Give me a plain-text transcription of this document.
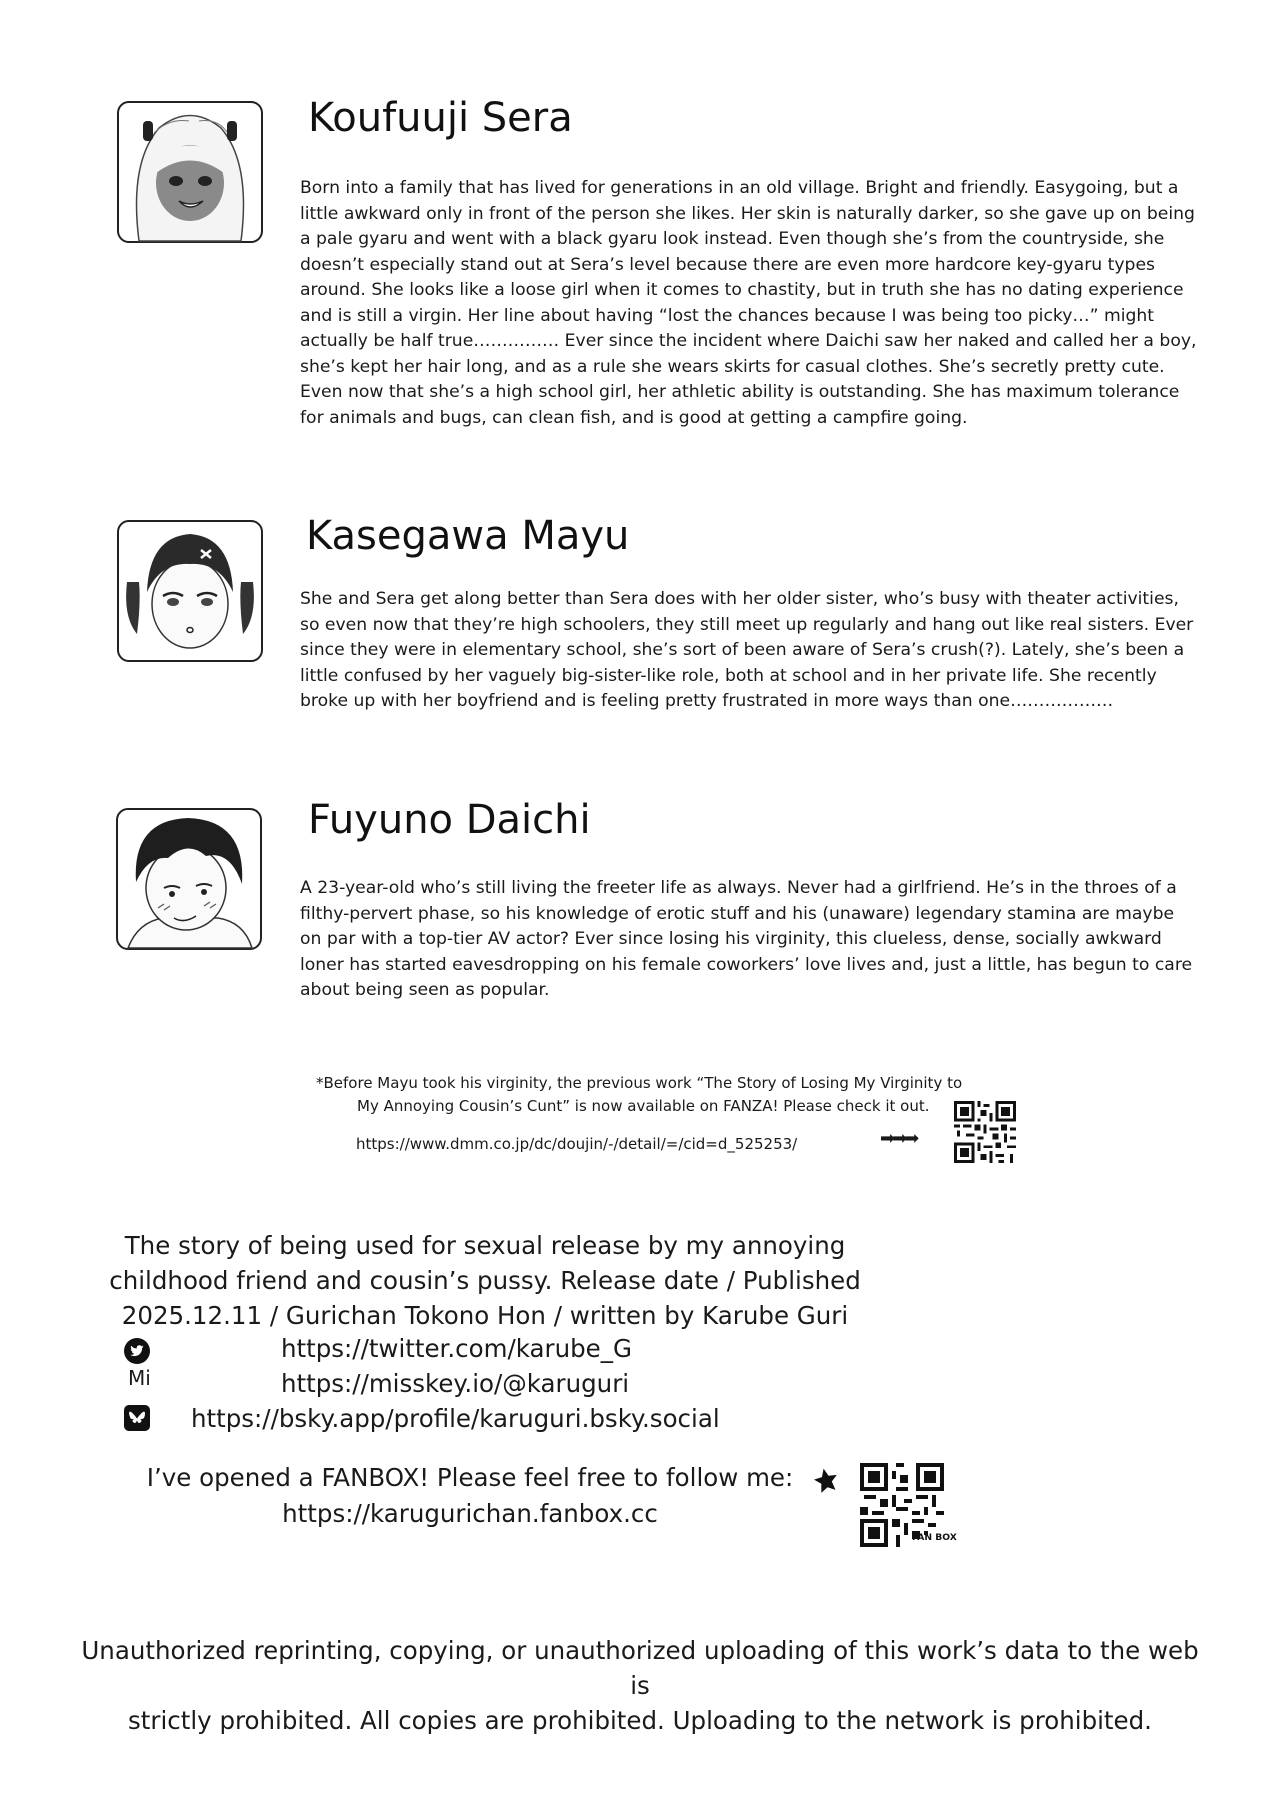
Koufuuji Sera

Born into a family that has lived for generations in an old village. Bright and friendly. Easygoing, but a little awkward only in front of the person she likes. Her skin is naturally darker, so she gave up on being a pale gyaru and went with a black gyaru look instead. Even though she’s from the countryside, she doesn’t especially stand out at Sera’s level because there are even more hardcore key-gyaru types around. She looks like a loose girl when it comes to chastity, but in truth she has no dating experience and is still a virgin. Her line about having “lost the chances because I was being too picky…” might actually be half true…………… Ever since the incident where Daichi saw her naked and called her a boy, she’s kept her hair long, and as a rule she wears skirts for casual clothes. She’s secretly pretty cute. Even now that she’s a high school girl, her athletic ability is outstanding. She has maximum tolerance for animals and bugs, can clean fish, and is good at getting a campfire going.

Kasegawa Mayu

She and Sera get along better than Sera does with her older sister, who’s busy with theater activities, so even now that they’re high schoolers, they still meet up regularly and hang out like real sisters. Ever since they were in elementary school, she’s sort of been aware of Sera’s crush(?). Lately, she’s been a little confused by her vaguely big-sister-like role, both at school and in her private life. She recently broke up with her boyfriend and is feeling pretty frustrated in more ways than one………………

Fuyuno Daichi

A 23-year-old who’s still living the freeter life as always. Never had a girlfriend. He’s in the throes of a filthy-pervert phase, so his knowledge of erotic stuff and his (unaware) legendary stamina are maybe on par with a top-tier AV actor? Ever since losing his virginity, this clueless, dense, socially awkward loner has started eavesdropping on his female coworkers’ love lives and, just a little, has begun to care about being seen as popular.

*Before Mayu took his virginity, the previous work “The Story of Losing My Virginity to
My Annoying Cousin’s Cunt” is now available on FANZA! Please check it out.
https://www.dmm.co.jp/dc/doujin/-/detail/=/cid=d_525253/	➡➡➡
The story of being used for sexual release by my annoying
childhood friend and cousin’s pussy. Release date / Published
2025.12.11 / Gurichan Tokono Hon / written by Karube Guri
https://twitter.com/karube_G
Mi	https://misskey.io/@karuguri
https://bsky.app/profile/karuguri.bsky.social
I’ve opened a FANBOX! Please feel free to follow me:
https://karugurichan.fanbox.cc
FAN BOX
Unauthorized reprinting, copying, or unauthorized uploading of this work’s data to the web is
strictly prohibited. All copies are prohibited. Uploading to the network is prohibited.
